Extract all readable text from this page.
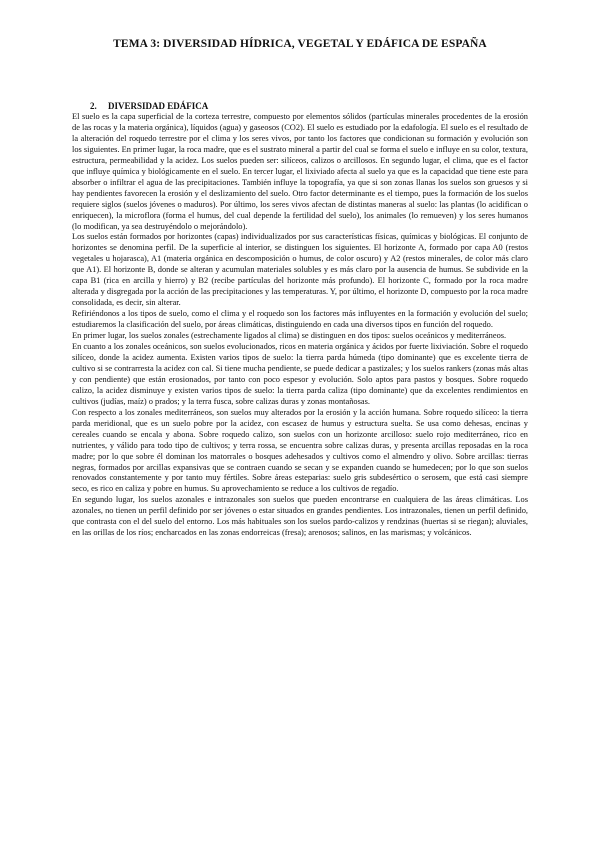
TEMA 3: DIVERSIDAD HÍDRICA, VEGETAL Y EDÁFICA DE ESPAÑA
2. DIVERSIDAD EDÁFICA

El suelo es la capa superficial de la corteza terrestre, compuesto por elementos sólidos (partículas minerales procedentes de la erosión de las rocas y la materia orgánica), líquidos (agua) y gaseosos (CO2). El suelo es estudiado por la edafología. El suelo es el resultado de la alteración del roquedo terrestre por el clima y los seres vivos, por tanto los factores que condicionan su formación y evolución son los siguientes. En primer lugar, la roca madre, que es el sustrato mineral a partir del cual se forma el suelo e influye en su color, textura, estructura, permeabilidad y la acidez. Los suelos pueden ser: silíceos, calizos o arcillosos. En segundo lugar, el clima, que es el factor que influye química y biológicamente en el suelo. En tercer lugar, el lixiviado afecta al suelo ya que es la capacidad que tiene este para absorber o infiltrar el agua de las precipitaciones. También influye la topografía, ya que si son zonas llanas los suelos son gruesos y si hay pendientes favorecen la erosión y el deslizamiento del suelo. Otro factor determinante es el tiempo, pues la formación de los suelos requiere siglos (suelos jóvenes o maduros). Por último, los seres vivos afectan de distintas maneras al suelo: las plantas (lo acidifican o enriquecen), la microflora (forma el humus, del cual depende la fertilidad del suelo), los animales (lo remueven) y los seres humanos (lo modifican, ya sea destruyéndolo o mejorándolo).

Los suelos están formados por horizontes (capas) individualizados por sus características físicas, químicas y biológicas. El conjunto de horizontes se denomina perfil. De la superficie al interior, se distinguen los siguientes. El horizonte A, formado por capa A0 (restos vegetales u hojarasca), A1 (materia orgánica en descomposición o humus, de color oscuro) y A2 (restos minerales, de color más claro que A1). El horizonte B, donde se alteran y acumulan materiales solubles y es más claro por la ausencia de humus. Se subdivide en la capa B1 (rica en arcilla y hierro) y B2 (recibe partículas del horizonte más profundo). El horizonte C, formado por la roca madre alterada y disgregada por la acción de las precipitaciones y las temperaturas. Y, por último, el horizonte D, compuesto por la roca madre consolidada, es decir, sin alterar.

Refiriéndonos a los tipos de suelo, como el clima y el roquedo son los factores más influyentes en la formación y evolución del suelo; estudiaremos la clasificación del suelo, por áreas climáticas, distinguiendo en cada una diversos tipos en función del roquedo.

En primer lugar, los suelos zonales (estrechamente ligados al clima) se distinguen en dos tipos: suelos oceánicos y mediterráneos.

En cuanto a los zonales oceánicos, son suelos evolucionados, ricos en materia orgánica y ácidos por fuerte lixiviación. Sobre el roquedo silíceo, donde la acidez aumenta. Existen varios tipos de suelo: la tierra parda húmeda (tipo dominante) que es excelente tierra de cultivo si se contrarresta la acidez con cal. Si tiene mucha pendiente, se puede dedicar a pastizales; y los suelos rankers (zonas más altas y con pendiente) que están erosionados, por tanto con poco espesor y evolución. Solo aptos para pastos y bosques. Sobre roquedo calizo, la acidez disminuye y existen varios tipos de suelo: la tierra parda caliza (tipo dominante) que da excelentes rendimientos en cultivos (judías, maíz) o prados; y la terra fusca, sobre calizas duras y zonas montañosas.

Con respecto a los zonales mediterráneos, son suelos muy alterados por la erosión y la acción humana. Sobre roquedo silíceo: la tierra parda meridional, que es un suelo pobre por la acidez, con escasez de humus y estructura suelta. Se usa como dehesas, encinas y cereales cuando se encala y abona. Sobre roquedo calizo, son suelos con un horizonte arcilloso: suelo rojo mediterráneo, rico en nutrientes, y válido para todo tipo de cultivos; y terra rossa, se encuentra sobre calizas duras, y presenta arcillas reposadas en la roca madre; por lo que sobre él dominan los matorrales o bosques adehesados y cultivos como el almendro y olivo. Sobre arcillas: tierras negras, formados por arcillas expansivas que se contraen cuando se secan y se expanden cuando se humedecen; por lo que son suelos renovados constantemente y por tanto muy fértiles. Sobre áreas esteparias: suelo gris subdesértico o serosem, que está casi siempre seco, es rico en caliza y pobre en humus. Su aprovechamiento se reduce a los cultivos de regadío.

En segundo lugar, los suelos azonales e intrazonales son suelos que pueden encontrarse en cualquiera de las áreas climáticas. Los azonales, no tienen un perfil definido por ser jóvenes o estar situados en grandes pendientes. Los intrazonales, tienen un perfil definido, que contrasta con el del suelo del entorno. Los más habituales son los suelos pardo-calizos y rendzinas (huertas si se riegan); aluviales, en las orillas de los ríos; encharcados en las zonas endorreicas (fresa); arenosos; salinos, en las marismas; y volcánicos.
